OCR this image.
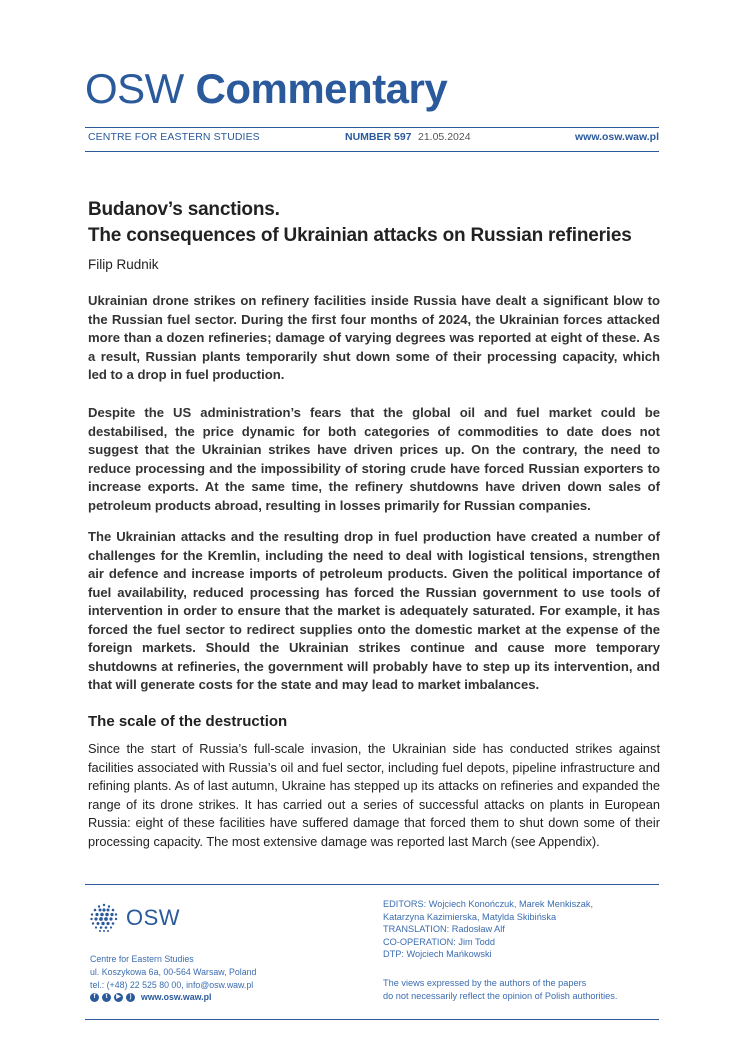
OSW Commentary
CENTRE FOR EASTERN STUDIES	NUMBER 597 21.05.2024	www.osw.waw.pl
Budanov’s sanctions.
The consequences of Ukrainian attacks on Russian refineries
Filip Rudnik

Ukrainian drone strikes on refinery facilities inside Russia have dealt a significant blow to the Russian fuel sector. During the first four months of 2024, the Ukrainian forces attacked more than a dozen refineries; damage of varying degrees was reported at eight of these. As a result, Russian plants temporarily shut down some of their processing capacity, which led to a drop in fuel production.

Despite the US administration’s fears that the global oil and fuel market could be destabilised, the price dynamic for both categories of commodities to date does not suggest that the Ukrainian strikes have driven prices up. On the contrary, the need to reduce processing and the impossibility of storing crude have forced Russian exporters to increase exports. At the same time, the refinery shutdowns have driven down sales of petroleum products abroad, resulting in losses primarily for Russian companies.

The Ukrainian attacks and the resulting drop in fuel production have created a number of challenges for the Kremlin, including the need to deal with logistical tensions, strengthen air defence and increase imports of petroleum products. Given the political importance of fuel availability, reduced processing has forced the Russian government to use tools of intervention in order to ensure that the market is adequately saturated. For example, it has forced the fuel sector to redirect supplies onto the domestic market at the expense of the foreign markets. Should the Ukrainian strikes continue and cause more temporary shutdowns at refineries, the government will probably have to step up its intervention, and that will generate costs for the state and may lead to market imbalances.

The scale of the destruction

Since the start of Russia’s full-scale invasion, the Ukrainian side has conducted strikes against facilities associated with Russia’s oil and fuel sector, including fuel depots, pipeline infrastructure and refining plants. As of last autumn, Ukraine has stepped up its attacks on refineries and expanded the range of its drone strikes. It has carried out a series of successful attacks on plants in European Russia: eight of these facilities have suffered damage that forced them to shut down some of their processing capacity. The most extensive damage was reported last March (see Appendix).

OSW
Centre for Eastern Studies
ul. Koszykowa 6a, 00-564 Warsaw, Poland
tel.: (+48) 22 525 80 00, info@osw.waw.pl
f	t	▶	)	www.osw.waw.pl
EDITORS: Wojciech Konończuk, Marek Menkiszak,
Katarzyna Kazimierska, Matylda Skibińska
TRANSLATION: Radosław Alf
CO-OPERATION: Jim Todd
DTP: Wojciech Mańkowski
The views expressed by the authors of the papers
do not necessarily reflect the opinion of Polish authorities.
